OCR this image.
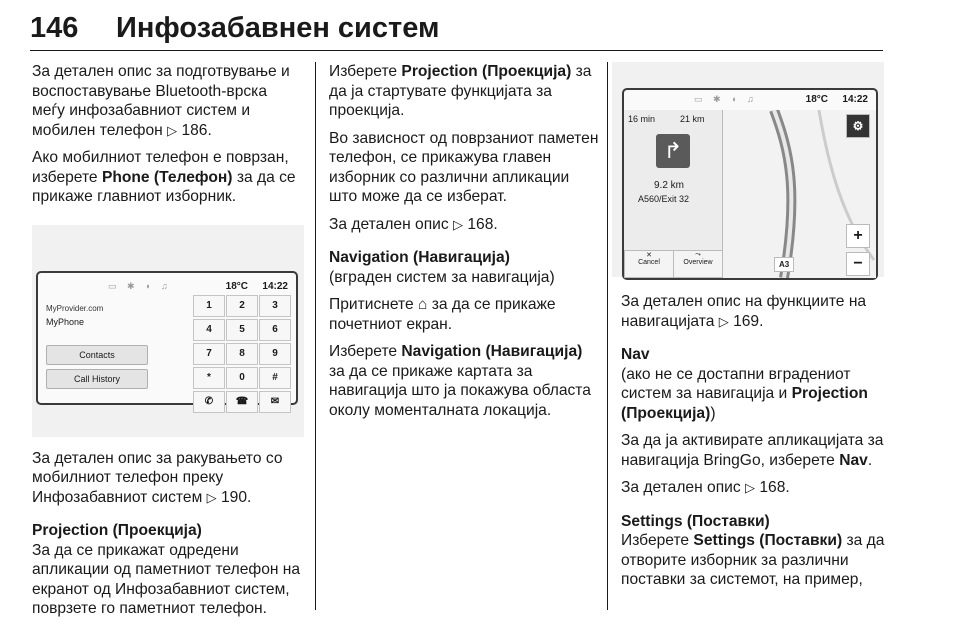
146 Инфозабавнен систем

За детален опис за подготвувањe и воспоставување Bluetooth-врска меѓу инфозабавниот систем и мобилен телефон ▷ 186.

Ако мобилниот телефон е поврзан, изберете Phone (Телефон) за да се прикаже главниот изборник.

▭ ✱ ◖ ♫	18°C 14:22
MyProvider.com
MyPhone
Contacts
Call History
1	2	3
4	5	6
7	8	9
*	0	#
✆	☎	✉

За детален опис за ракувањето со мобилниот телефон преку Инфозабавниот систем ▷ 190.

Projection (Проекција)

За да се прикажат одредени апликации од паметниот телефон на екранот од Инфозабавниот систем, поврзете го паметниот телефон.

Изберете Projection (Проекција) за да ја стартувате функцијата за проекција.

Во зависност од поврзаниот паметен телефон, се прикажува главен изборник со различни апликации што може да се изберат.

За детален опис ▷ 168.

Navigation (Навигација)

(вграден систем за навигација)

Притиснете ⌂ за да се прикаже почетниот екран.

Изберете Navigation (Навигација) за да се прикаже картата за навигација што ја покажува областа околу моменталната локација.

▭ ✱ ◖ ♫	18°C 14:22
⚙
+
−
A3
16 min	21 km
↱
9.2 km
A560/Exit 32
✕
Cancel
⤳
Overview

За детален опис на функциите на навигацијата ▷ 169.

Nav

(ако не се достапни вградениот систем за навигација и Projection (Проекција))

За да ја активирате апликацијата за навигација BringGo, изберете Nav.

За детален опис ▷ 168.

Settings (Поставки)

Изберете Settings (Поставки) за да отворите изборник за различни поставки за системот, на пример,
